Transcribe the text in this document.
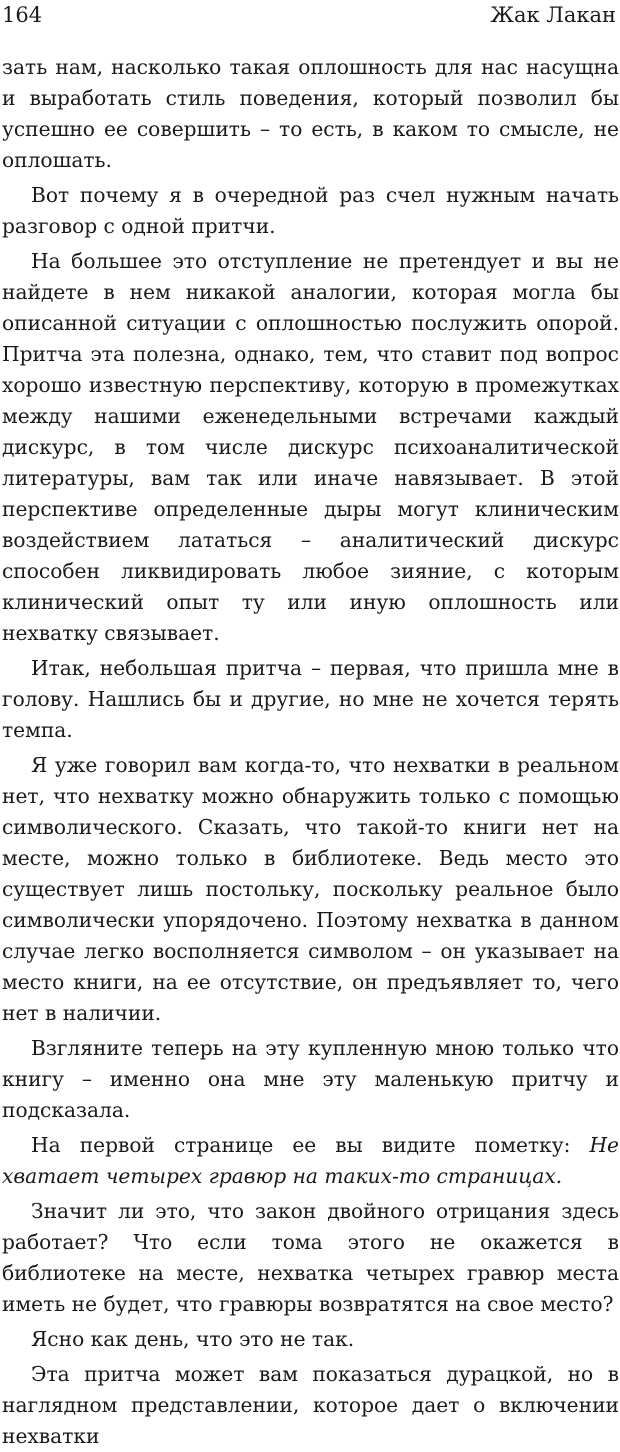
164	Жак Лакан

зать нам, насколько такая оплошность для нас насущна и выработать стиль поведения, который позволил бы успешно ее совершить – то есть, в каком то смысле, не оплошать.

Вот почему я в очередной раз счел нужным начать разговор с одной притчи.

На большее это отступление не претендует и вы не найдете в нем никакой аналогии, которая могла бы описанной ситуации с оплошностью послужить опорой. Притча эта полезна, однако, тем, что ставит под вопрос хорошо известную перспективу, которую в промежутках между нашими еженедельными встречами каждый дискурс, в том числе дискурс психоаналитической литературы, вам так или иначе навязывает. В этой перспективе определенные дыры могут клиническим воздействием лататься – аналитический дискурс способен ликвидировать любое зияние, с которым клинический опыт ту или иную оплошность или нехватку связывает.

Итак, небольшая притча – первая, что пришла мне в голову. Нашлись бы и другие, но мне не хочется терять темпа.

Я уже говорил вам когда-то, что нехватки в реальном нет, что нехватку можно обнаружить только с помощью символического. Сказать, что такой-то книги нет на месте, можно только в библиотеке. Ведь место это существует лишь постольку, поскольку реальное было символически упорядочено. Поэтому нехватка в данном случае легко восполняется символом – он указывает на место книги, на ее отсутствие, он предъявляет то, чего нет в наличии.

Взгляните теперь на эту купленную мною только что книгу – именно она мне эту маленькую притчу и подсказала.

На первой странице ее вы видите пометку: Не хватает четырех гравюр на таких-то страницах.

Значит ли это, что закон двойного отрицания здесь работает? Что если тома этого не окажется в библиотеке на месте, нехватка четырех гравюр места иметь не будет, что гравюры возвратятся на свое место?

Ясно как день, что это не так.

Эта притча может вам показаться дурацкой, но в наглядном представлении, которое дает о включении нехватки
